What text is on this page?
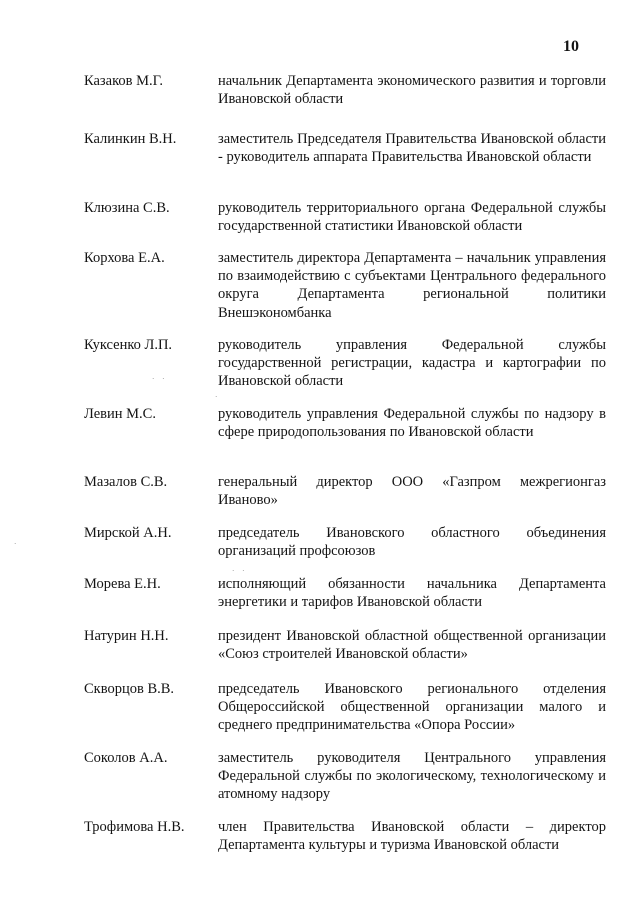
10
Казаков М.Г.	начальник Департамента экономического развития и торговли Ивановской области
Калинкин В.Н.	заместитель Председателя Правительства Ивановской области - руководитель аппарата Правительства Ивановской области
Клюзина С.В.	руководитель территориального органа Федеральной службы государственной статистики Ивановской области
Корхова Е.А.	заместитель директора Департамента – начальник управления по взаимодействию с субъектами Центрального федерального округа Департамента региональной политики Внешэкономбанка
Куксенко Л.П.	руководитель управления Федеральной службы государственной регистрации, кадастра и картографии по Ивановской области
Левин М.С.	руководитель управления Федеральной службы по надзору в сфере природопользования по Ивановской области
Мазалов С.В.	генеральный директор ООО «Газпром межрегионгаз Иваново»
Мирской А.Н.	председатель Ивановского областного объединения организаций профсоюзов
Морева Е.Н.	исполняющий обязанности начальника Департамента энергетики и тарифов Ивановской области
Натурин Н.Н.	президент Ивановской областной общественной организации «Союз строителей Ивановской области»
Скворцов В.В.	председатель Ивановского регионального отделения Общероссийской общественной организации малого и среднего предпринимательства «Опора России»
Соколов А.А.	заместитель руководителя Центрального управления Федеральной службы по экологическому, технологическому и атомному надзору
Трофимова Н.В.	член Правительства Ивановской области – директор Департамента культуры и туризма Ивановской области
· ·
·
·
· ·
